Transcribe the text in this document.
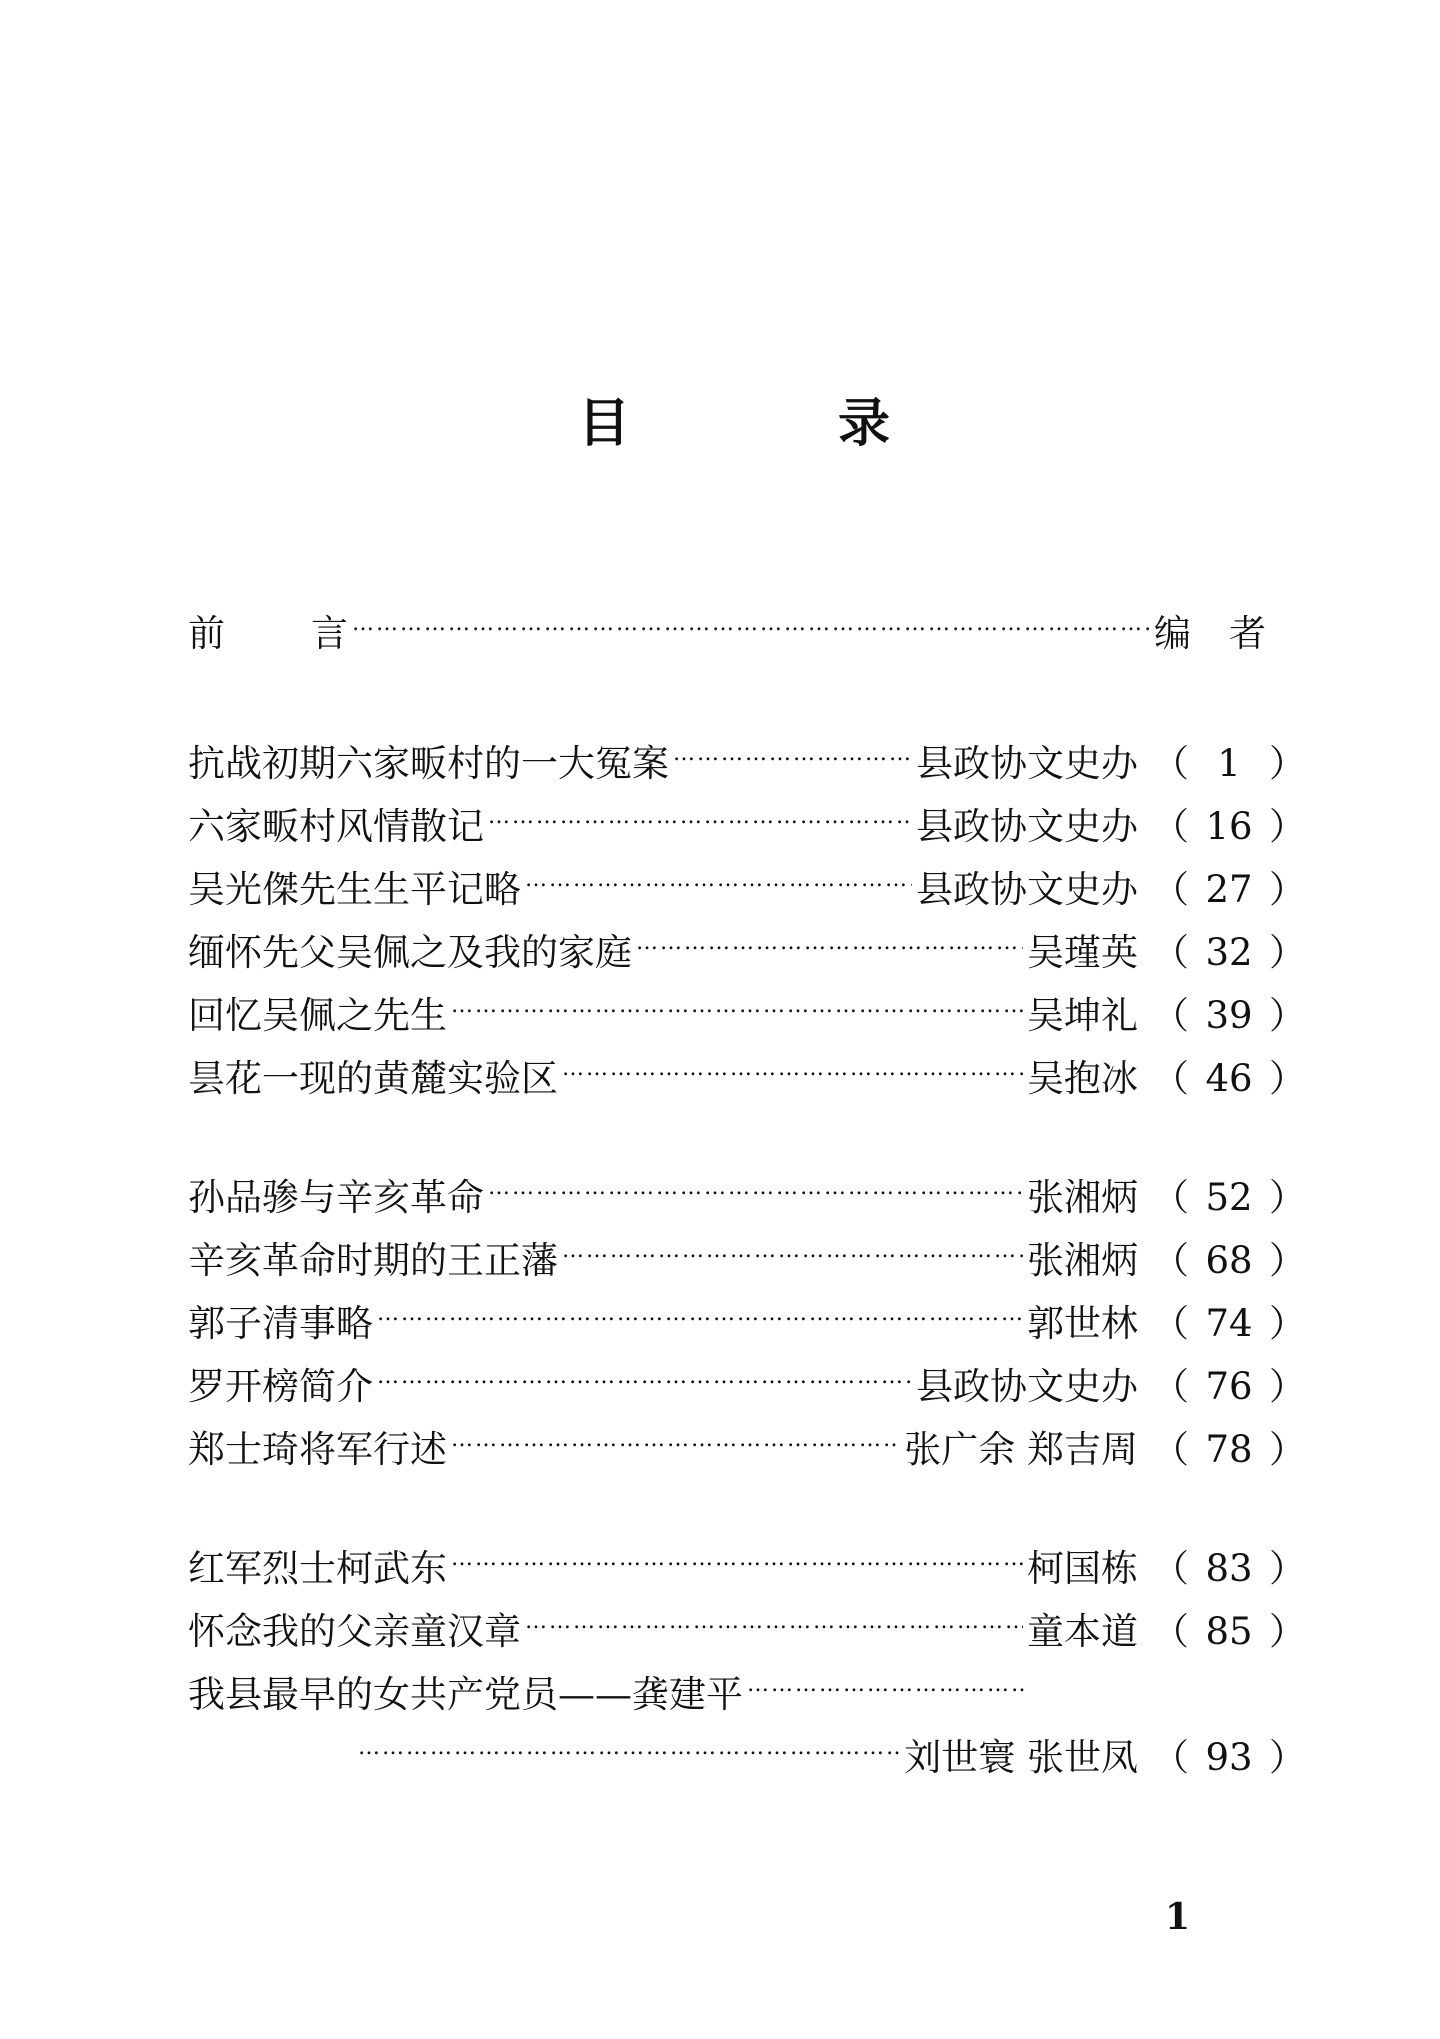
目	录
前 言 ………………………………………………………………………………………………………………………………………………………………………………………………	编者
抗战初期六家畈村的一大冤案 ………………………………………………………………………………………………………………………………………………………………………………………………	县政协文史办 （ 1 ）
六家畈村风情散记 ………………………………………………………………………………………………………………………………………………………………………………………………	县政协文史办 （ 16 ）
吴光傑先生生平记略 ………………………………………………………………………………………………………………………………………………………………………………………………	县政协文史办 （ 27 ）
缅怀先父吴佩之及我的家庭 ………………………………………………………………………………………………………………………………………………………………………………………………	吴瑾英 （ 32 ）
回忆吴佩之先生 ………………………………………………………………………………………………………………………………………………………………………………………………	吴坤礼 （ 39 ）
昙花一现的黄麓实验区 ………………………………………………………………………………………………………………………………………………………………………………………………	吴抱冰 （ 46 ）
孙品骖与辛亥革命 ………………………………………………………………………………………………………………………………………………………………………………………………	张湘炳 （ 52 ）
辛亥革命时期的王正藩 ………………………………………………………………………………………………………………………………………………………………………………………………	张湘炳 （ 68 ）
郭子清事略 ………………………………………………………………………………………………………………………………………………………………………………………………	郭世林 （ 74 ）
罗开榜简介 ………………………………………………………………………………………………………………………………………………………………………………………………	县政协文史办 （ 76 ）
郑士琦将军行述 ………………………………………………………………………………………………………………………………………………………………………………………………	张广余 郑吉周 （ 78 ）
红军烈士柯武东 ………………………………………………………………………………………………………………………………………………………………………………………………	柯国栋 （ 83 ）
怀念我的父亲童汉章 ………………………………………………………………………………………………………………………………………………………………………………………………	童本道 （ 85 ）
我县最早的女共产党员——龚建平
………………………………………………………………………………………………………………………………………………………………………………………………
………………………………………………………………………………………………………………………………………………………………………………………………
刘世寰 张世凤 （ 93 ）
1
